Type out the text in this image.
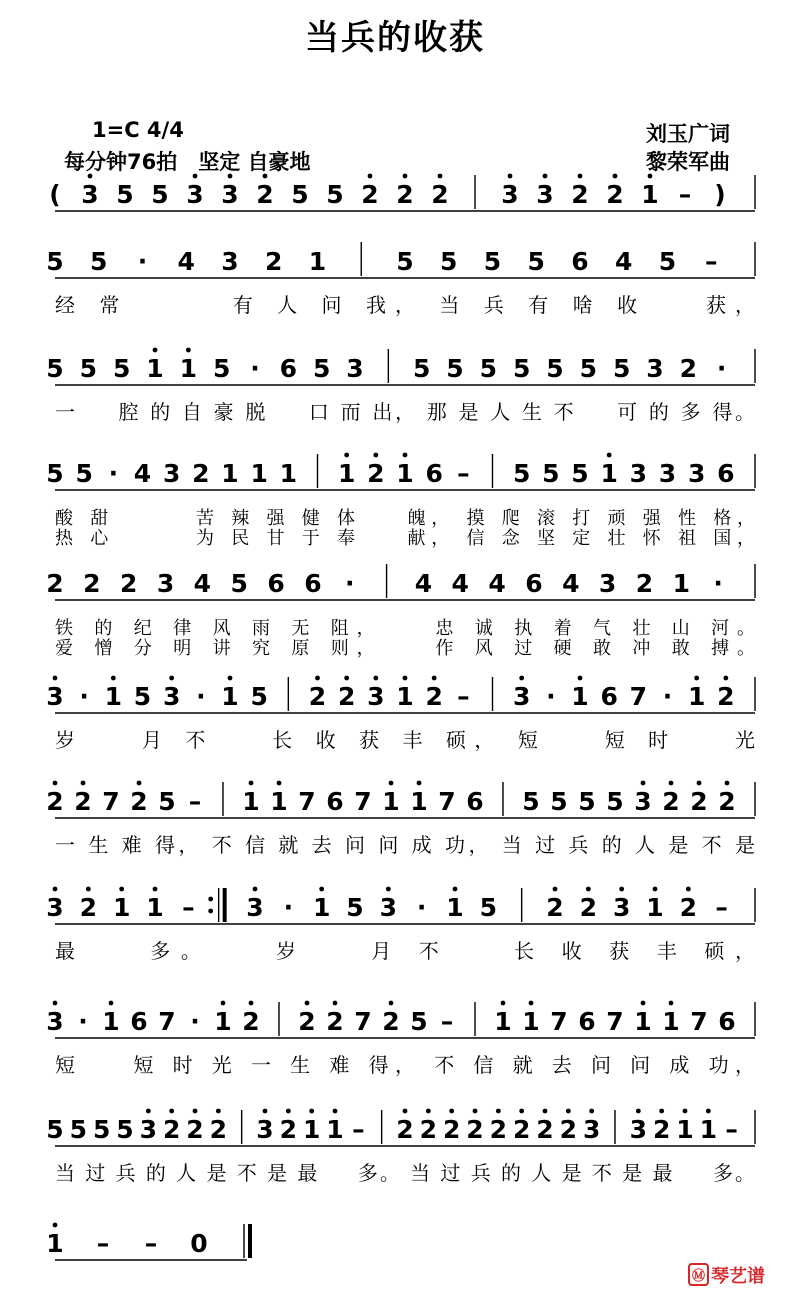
当兵的收获
1=C 4/4
每分钟76拍　坚定 自豪地
刘玉广词
黎荣军曲
( 3 5 5 3 3 2 5 5 2 2 2 3 3 2 2 1 – )
5 5 · 4 3 2 1	5 5 5 5 6 4 5 –
经 常 　 　 有 人 问 我， 当 兵 有 啥 收 　 获，
5 5 5 1 1 5 · 6 5 3 5 5 5 5 5 5 5 3 2 ·
一 　 腔 的 自 豪 脱 　 口 而 出， 那 是 人 生 不 　 可 的 多 得。
5 5 · 4 3 2 1 1 1 1 2 1 6 – 5 5 5 1 3 3 3 6
酸 甜 　 　 苦 辣 强 健 体 　 魄， 摸 爬 滚 打 顽 强 性 格，
热 心 　 　 为 民 甘 于 奉 　 献， 信 念 坚 定 壮 怀 祖 国，
2 2 2 3 4 5 6 6 · 4 4 4 6 4 3 2 1 ·
铁 的 纪 律 风 雨 无 阻， 　 忠 诚 执 着 气 壮 山 河。
爱 憎 分 明 讲 究 原 则， 　 作 风 过 硬 敢 冲 敢 搏。
3 · 1 5 3 · 1 5 2 2 3 1 2 – 3 · 1 6 7 · 1 2
岁 　 月 不 　 长 收 获 丰 硕， 短 　 短 时 　 光
2 2 7 2 5 – 1 1 7 6 7 1 1 7 6 5 5 5 5 3 2 2 2
一 生 难 得， 不 信 就 去 问 问 成 功， 当 过 兵 的 人 是 不 是
3 2 1 1 – 3 · 1 5 3 · 1 5 2 2 3 1 2 –
最 　 多。 　 岁 　 月 不 　 长 收 获 丰 硕，
3 · 1 6 7 · 1 2 2 2 7 2 5 – 1 1 7 6 7 1 1 7 6
短 　 短 时 光 一 生 难 得， 不 信 就 去 问 问 成 功，
5 5 5 5 3 2 2 2 3 2 1 1 – 2 2 2 2 2 2 2 2 3 3 2 1 1 –
当 过 兵 的 人 是 不 是 最 　 多。 当 过 兵 的 人 是 不 是 最 　 多。
1 – – 0
Ⓜ 琴艺谱
